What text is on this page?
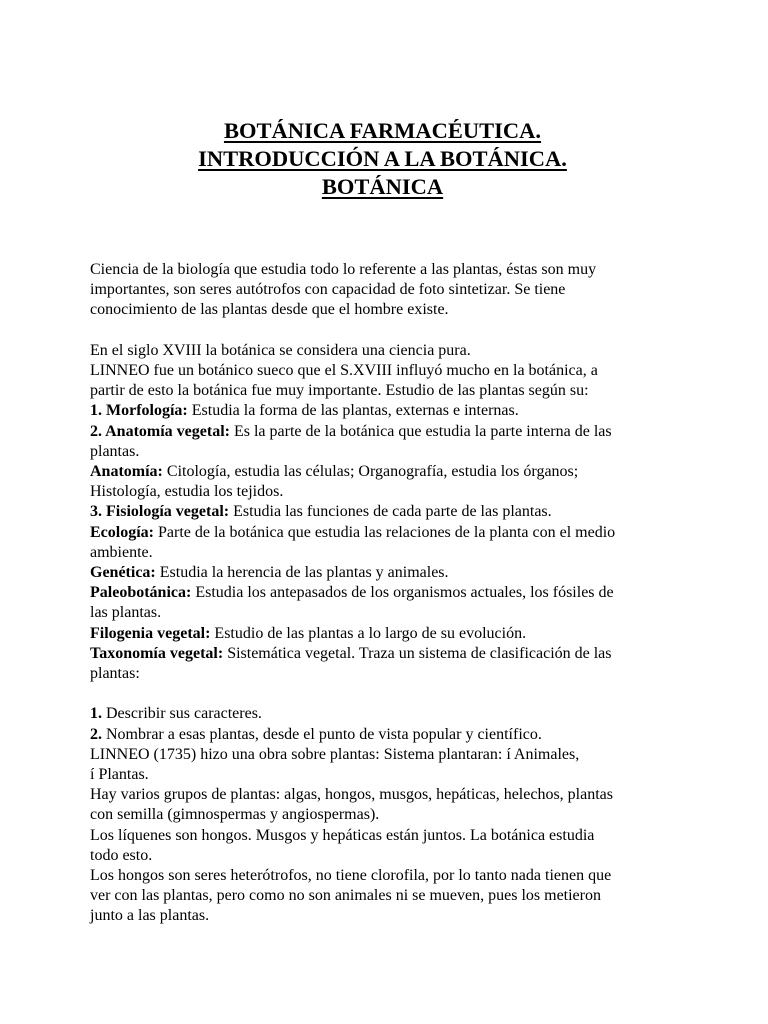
BOTÁNICA FARMACÉUTICA.
INTRODUCCIÓN A LA BOTÁNICA.
BOTÁNICA

Ciencia de la biología que estudia todo lo referente a las plantas, éstas son muy
importantes, son seres autótrofos con capacidad de foto sintetizar. Se tiene
conocimiento de las plantas desde que el hombre existe.

En el siglo XVIII la botánica se considera una ciencia pura.
LINNEO fue un botánico sueco que el S.XVIII influyó mucho en la botánica, a
partir de esto la botánica fue muy importante. Estudio de las plantas según su:
1. Morfología: Estudia la forma de las plantas, externas e internas.
2. Anatomía vegetal: Es la parte de la botánica que estudia la parte interna de las
plantas.
Anatomía: Citología, estudia las células; Organografía, estudia los órganos;
Histología, estudia los tejidos.
3. Fisiología vegetal: Estudia las funciones de cada parte de las plantas.
Ecología: Parte de la botánica que estudia las relaciones de la planta con el medio
ambiente.
Genética: Estudia la herencia de las plantas y animales.
Paleobotánica: Estudia los antepasados de los organismos actuales, los fósiles de
las plantas.
Filogenia vegetal: Estudio de las plantas a lo largo de su evolución.
Taxonomía vegetal: Sistemática vegetal. Traza un sistema de clasificación de las
plantas:

1. Describir sus caracteres.
2. Nombrar a esas plantas, desde el punto de vista popular y científico.
LINNEO (1735) hizo una obra sobre plantas: Sistema plantaran: í Animales,
í Plantas.
Hay varios grupos de plantas: algas, hongos, musgos, hepáticas, helechos, plantas
con semilla (gimnospermas y angiospermas).
Los líquenes son hongos. Musgos y hepáticas están juntos. La botánica estudia
todo esto.
Los hongos son seres heterótrofos, no tiene clorofila, por lo tanto nada tienen que
ver con las plantas, pero como no son animales ni se mueven, pues los metieron
junto a las plantas.
